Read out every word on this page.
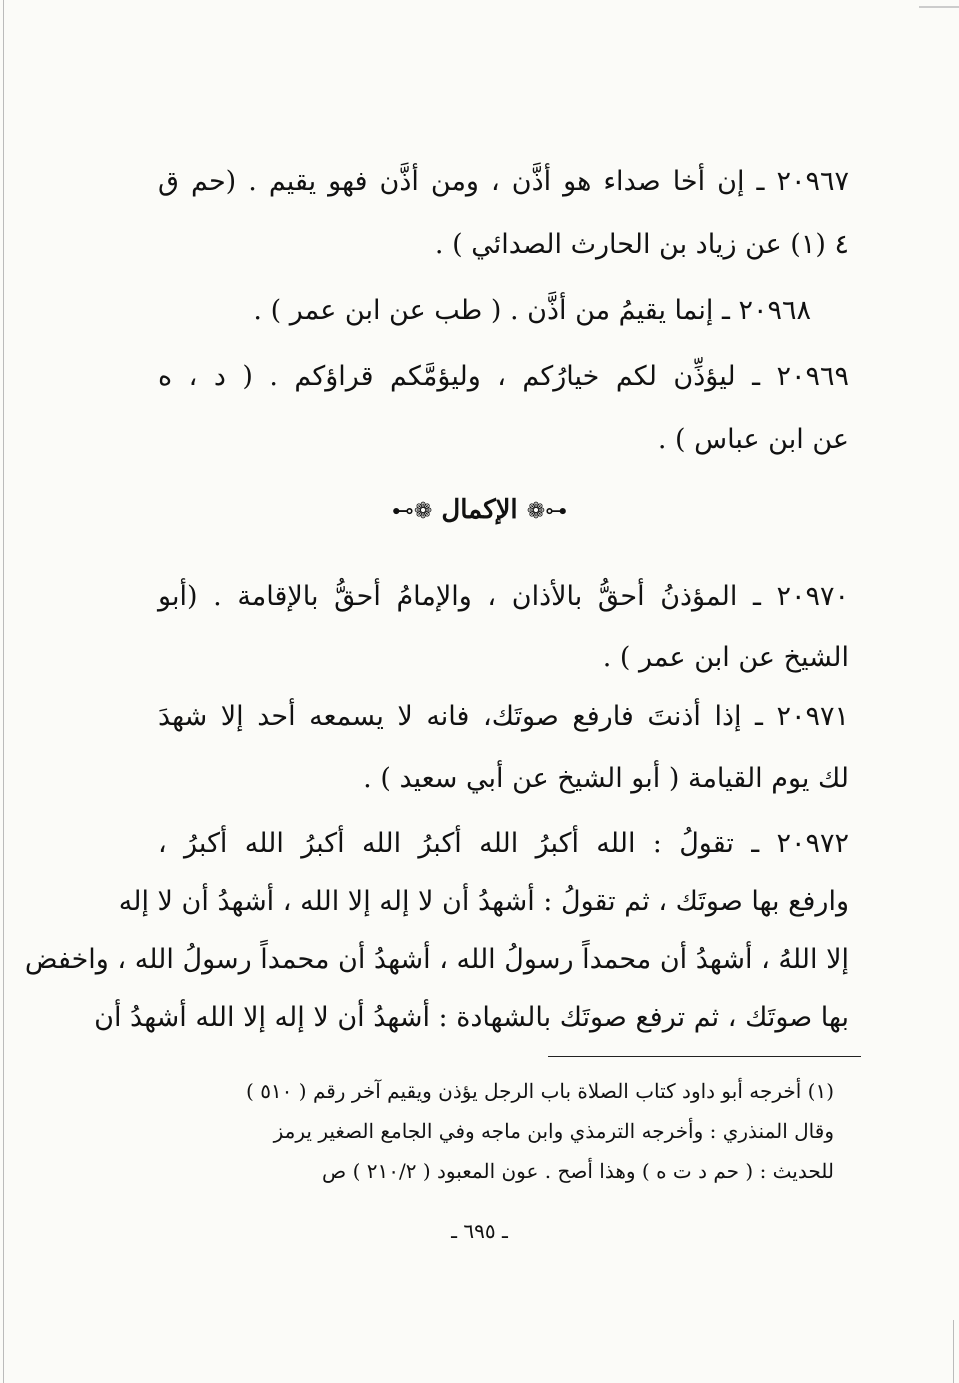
٢٠٩٦٧ ـ إن أخا صداء هو أذَّن ، ومن أذَّن فهو يقيم . (حم ق
٤ (١) عن زياد بن الحارث الصدائي ) .
٢٠٩٦٨ ـ إنما يقيمُ من أذَّن . ( طب عن ابن عمر ) .
٢٠٩٦٩ ـ ليؤذِّن لكم خيارُكم ، وليؤمَّكم قراؤكم . ( د ، ه
عن ابن عباس ) .
⊷❁ الإكمال ❁⊶
٢٠٩٧٠ ـ المؤذنُ أحقُّ بالأذان ، والإمامُ أحقُّ بالإقامة . (أبو
الشيخ عن ابن عمر ) .
٢٠٩٧١ ـ إذا أذنتَ فارفع صوتَك، فانه لا يسمعه أحد إلا شهدَ
لك يوم القيامة ( أبو الشيخ عن أبي سعيد ) .
٢٠٩٧٢ ـ تقولُ : الله أكبرُ الله أكبرُ الله أكبرُ الله أكبرُ ،
وارفع بها صوتَك ، ثم تقولُ : أشهدُ أن لا إله إلا الله ، أشهدُ أن لا إله
إلا اللهُ ، أشهدُ أن محمداً رسولُ الله ، أشهدُ أن محمداً رسولُ الله ، واخفض
بها صوتَك ، ثم ترفع صوتَك بالشهادة : أشهدُ أن لا إله إلا الله أشهدُ أن
(١) أخرجه أبو داود كتاب الصلاة باب الرجل يؤذن ويقيم آخر رقم ( ٥١٠ )
وقال المنذري : وأخرجه الترمذي وابن ماجه وفي الجامع الصغير يرمز
للحديث : ( حم د ت ه ) وهذا أصح . عون المعبود ( ٢١٠/٢ ) ص
ـ ٦٩٥ ـ
